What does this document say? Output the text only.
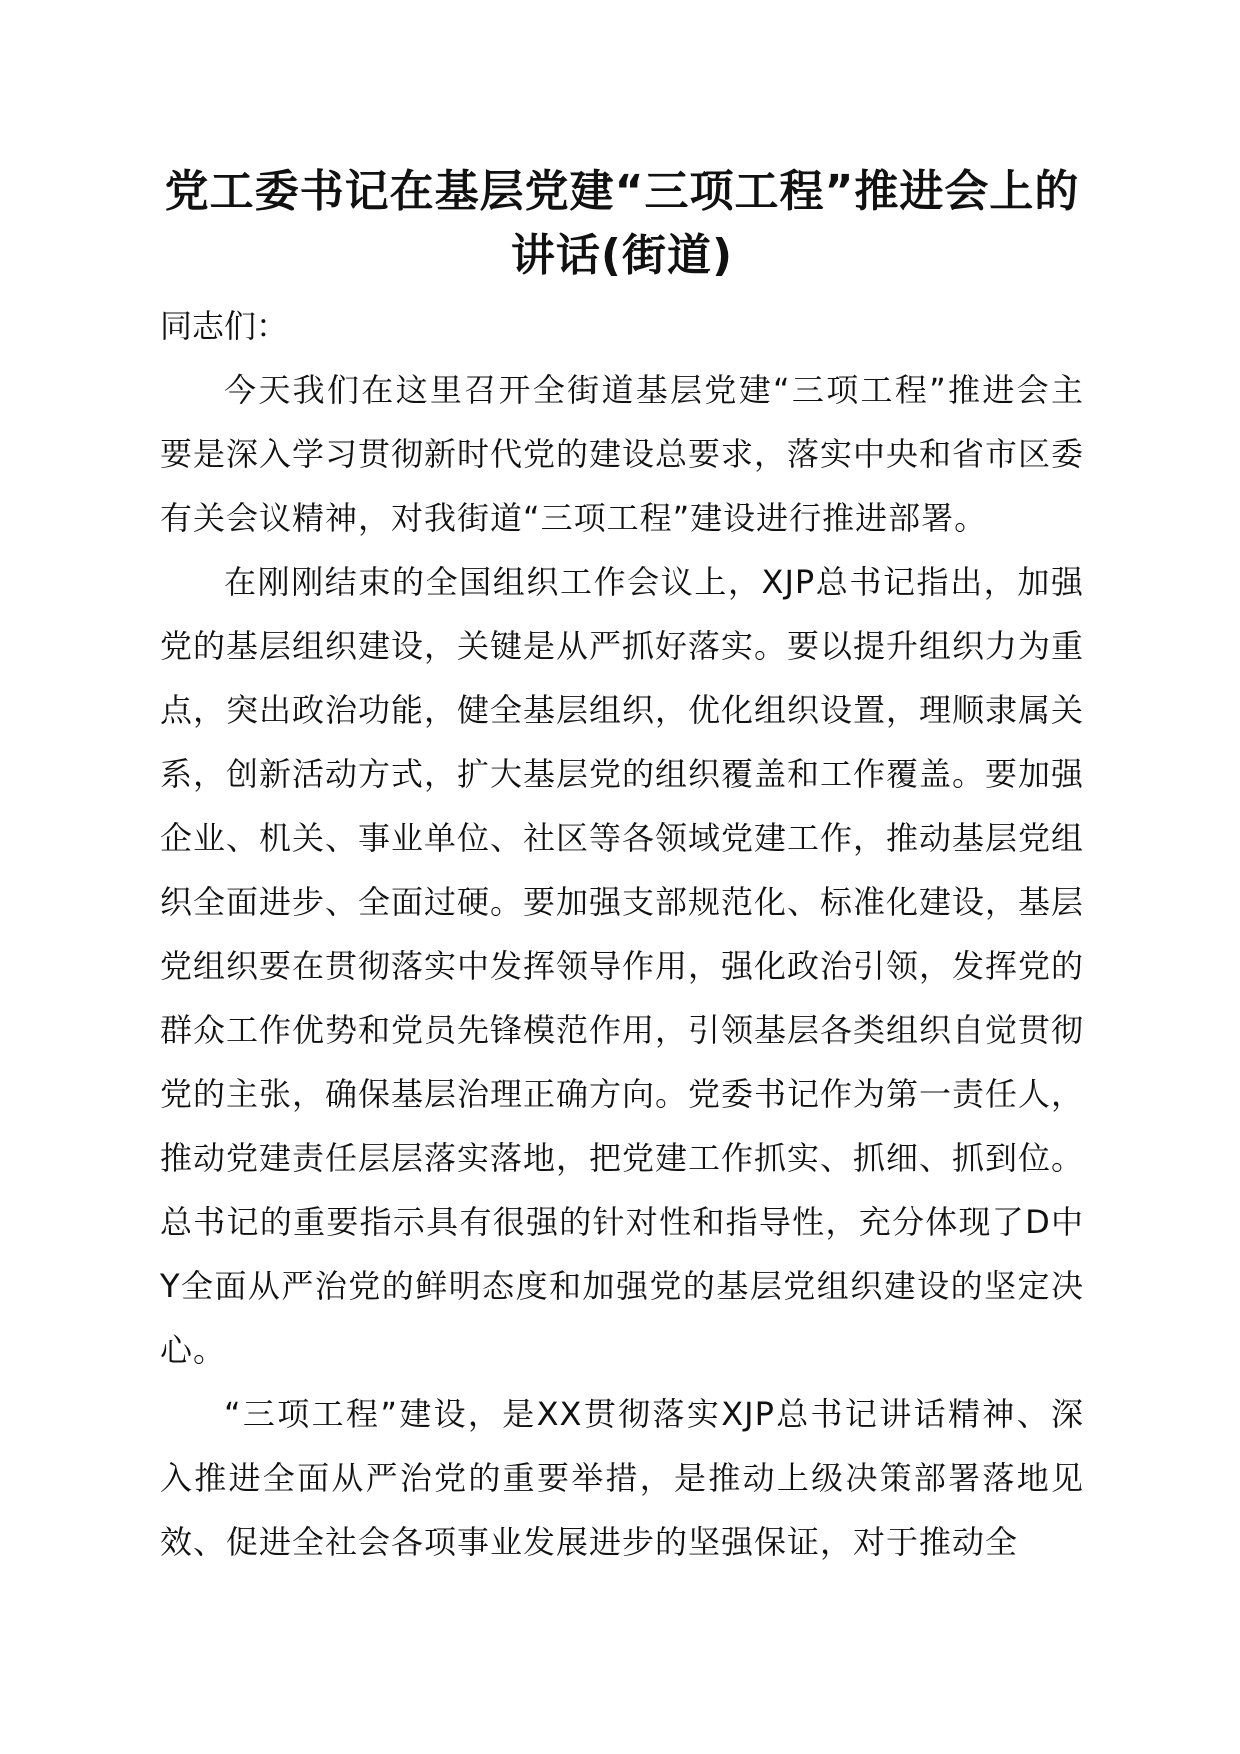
党工委书记在基层党建“三项工程”推进会上的讲话(街道)

同志们：

今天我们在这里召开全街道基层党建“三项工程”推进会主要是深入学习贯彻新时代党的建设总要求，落实中央和省市区委有关会议精神，对我街道“三项工程”建设进行推进部署。

在刚刚结束的全国组织工作会议上，XJP总书记指出，加强党的基层组织建设，关键是从严抓好落实。要以提升组织力为重点，突出政治功能，健全基层组织，优化组织设置，理顺隶属关系，创新活动方式，扩大基层党的组织覆盖和工作覆盖。要加强企业、机关、事业单位、社区等各领域党建工作，推动基层党组织全面进步、全面过硬。要加强支部规范化、标准化建设，基层党组织要在贯彻落实中发挥领导作用，强化政治引领，发挥党的群众工作优势和党员先锋模范作用，引领基层各类组织自觉贯彻党的主张，确保基层治理正确方向。党委书记作为第一责任人，推动党建责任层层落实落地，把党建工作抓实、抓细、抓到位。总书记的重要指示具有很强的针对性和指导性，充分体现了D中Y全面从严治党的鲜明态度和加强党的基层党组织建设的坚定决心。

“三项工程”建设，是XX贯彻落实XJP总书记讲话精神、深入推进全面从严治党的重要举措，是推动上级决策部署落地见效、促进全社会各项事业发展进步的坚强保证，对于推动全
